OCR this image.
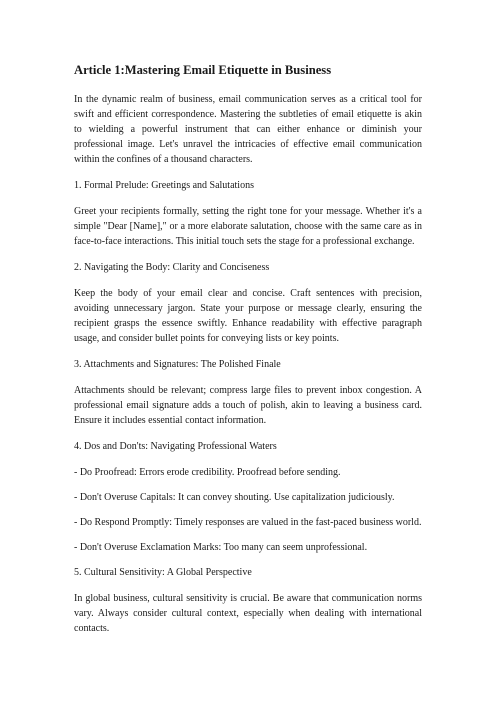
Article 1:Mastering Email Etiquette in Business

In the dynamic realm of business, email communication serves as a critical tool for swift and efficient correspondence. Mastering the subtleties of email etiquette is akin to wielding a powerful instrument that can either enhance or diminish your professional image. Let's unravel the intricacies of effective email communication within the confines of a thousand characters.

1. Formal Prelude: Greetings and Salutations

Greet your recipients formally, setting the right tone for your message. Whether it's a simple "Dear [Name]," or a more elaborate salutation, choose with the same care as in face-to-face interactions. This initial touch sets the stage for a professional exchange.

2. Navigating the Body: Clarity and Conciseness

Keep the body of your email clear and concise. Craft sentences with precision, avoiding unnecessary jargon. State your purpose or message clearly, ensuring the recipient grasps the essence swiftly. Enhance readability with effective paragraph usage, and consider bullet points for conveying lists or key points.

3. Attachments and Signatures: The Polished Finale

Attachments should be relevant; compress large files to prevent inbox congestion. A professional email signature adds a touch of polish, akin to leaving a business card. Ensure it includes essential contact information.

4. Dos and Don'ts: Navigating Professional Waters

- Do Proofread: Errors erode credibility. Proofread before sending.

- Don't Overuse Capitals: It can convey shouting. Use capitalization judiciously.

- Do Respond Promptly: Timely responses are valued in the fast-paced business world.

- Don't Overuse Exclamation Marks: Too many can seem unprofessional.

5. Cultural Sensitivity: A Global Perspective

In global business, cultural sensitivity is crucial. Be aware that communication norms vary. Always consider cultural context, especially when dealing with international contacts.
